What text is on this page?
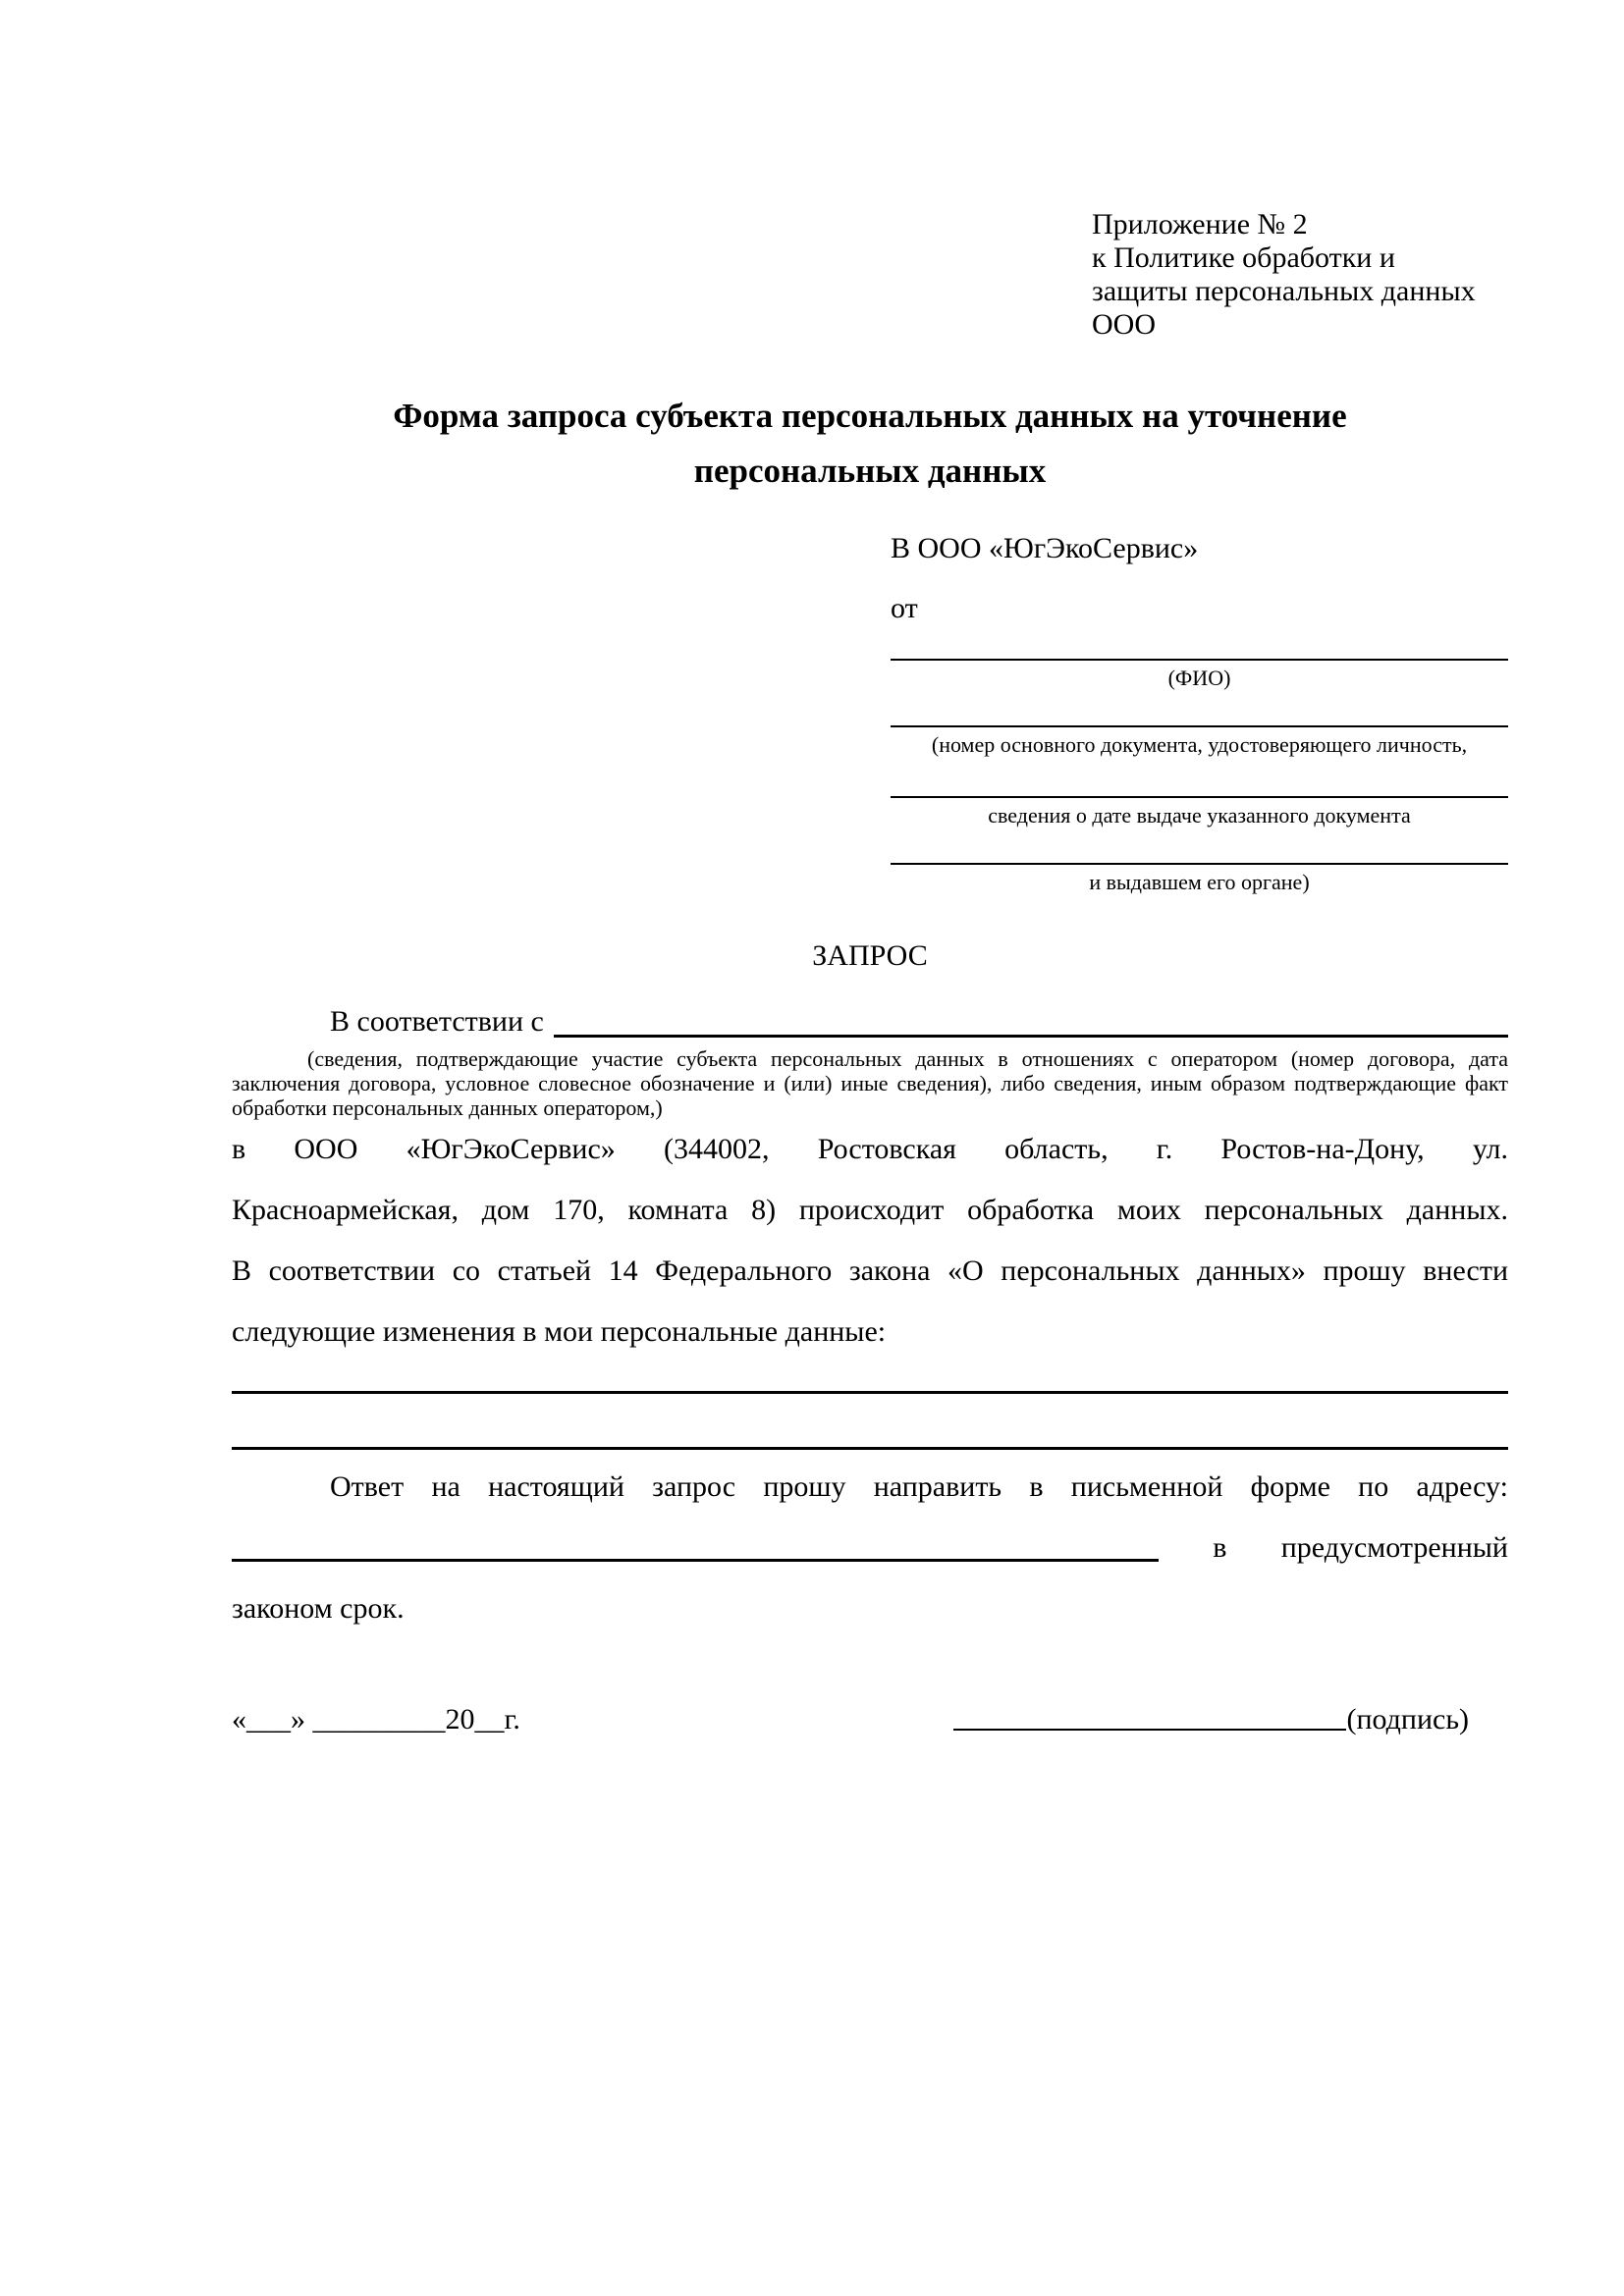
Приложение № 2
к Политике обработки и
защиты персональных данных
ООО
Форма запроса субъекта персональных данных на уточнение
персональных данных
В ООО «ЮгЭкоСервис»
от
(ФИО)
(номер основного документа, удостоверяющего личность,
сведения о дате выдаче указанного документа
и выдавшем его органе)
ЗАПРОС
В соответствии с
(сведения, подтверждающие участие субъекта персональных данных в отношениях с оператором (номер договора, дата
заключения договора, условное словесное обозначение и (или) иные сведения), либо сведения, иным образом подтверждающие факт
обработки персональных данных оператором,)
в ООО «ЮгЭкоСервис» (344002, Ростовская область, г. Ростов-на-Дону, ул.
Красноармейская, дом 170, комната 8) происходит обработка моих персональных данных.
В соответствии со статьей 14 Федерального закона «О персональных данных» прошу внести
следующие изменения в мои персональные данные:
Ответ на настоящий запрос прошу направить в письменной форме по адресу:
в предусмотренный
законом срок.
«___» _________20__г.	(подпись)
